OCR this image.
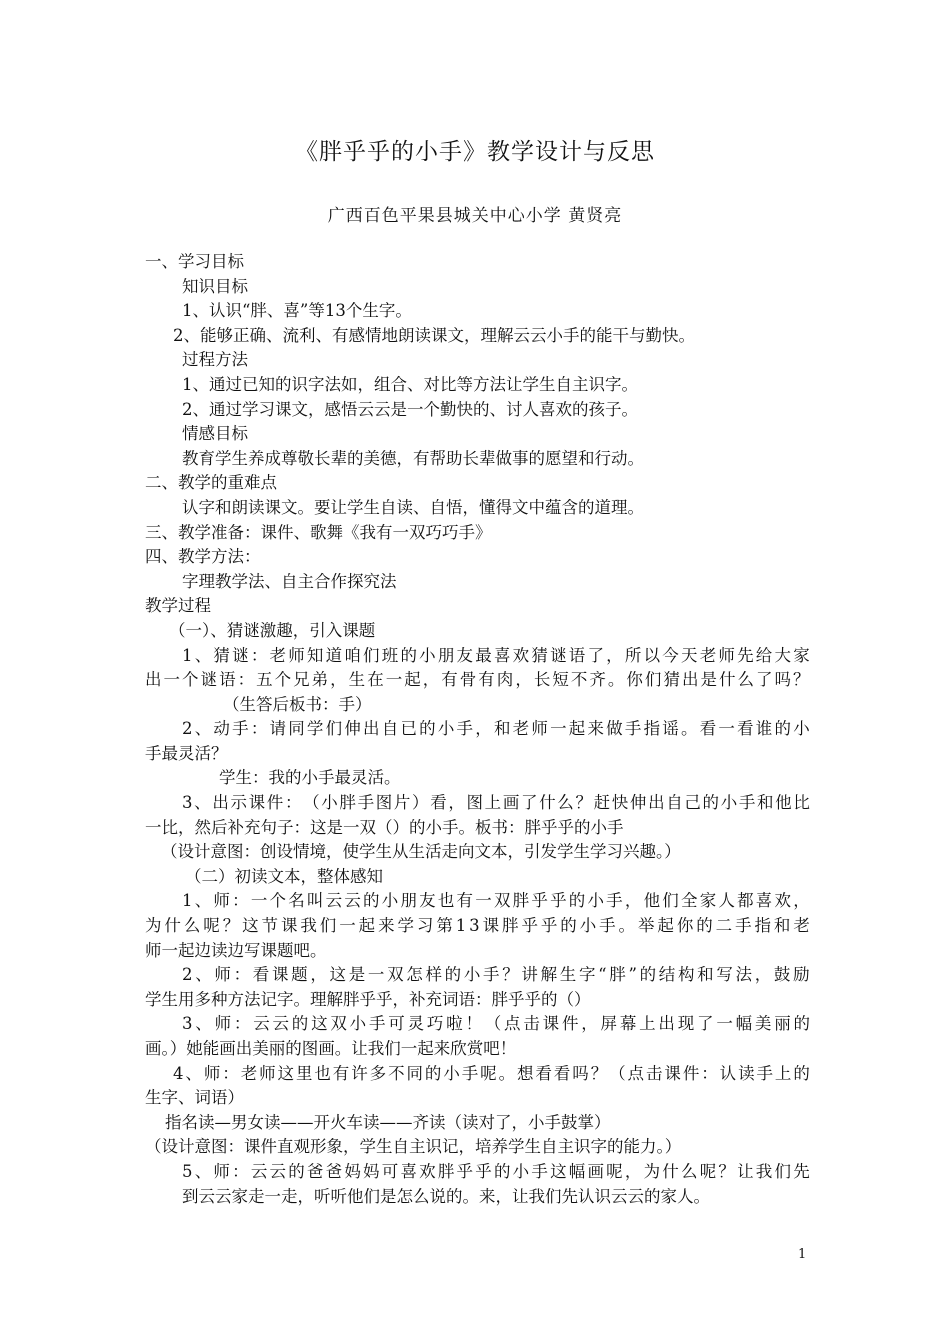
《胖乎乎的小手》教学设计与反思
广西百色平果县城关中心小学 黄贤亮
一、学习目标
知识目标
1、认识“胖、喜”等13个生字。
2、能够正确、流利、有感情地朗读课文，理解云云小手的能干与勤快。
过程方法
1、通过已知的识字法如，组合、对比等方法让学生自主识字。
2、通过学习课文，感悟云云是一个勤快的、讨人喜欢的孩子。
情感目标
教育学生养成尊敬长辈的美德，有帮助长辈做事的愿望和行动。
二、教学的重难点
认字和朗读课文。要让学生自读、自悟，懂得文中蕴含的道理。
三、教学准备：课件、歌舞《我有一双巧巧手》
四、教学方法：
字理教学法、自主合作探究法
教学过程
（一）、猜谜激趣，引入课题
1 、 猜 谜 ： 老 师 知 道 咱 们 班 的 小 朋 友 最 喜 欢 猜 谜 语 了 ， 所 以 今 天 老 师 先 给 大 家
出 一 个 谜 语 ： 五 个 兄 弟 ， 生 在 一 起 ， 有 骨 有 肉 ， 长 短 不 齐 。 你 们 猜 出 是 什 么 了 吗 ？
（生答后板书：手）
2 、 动 手 ： 请 同 学 们 伸 出 自 已 的 小 手 ， 和 老 师 一 起 来 做 手 指 谣 。 看 一 看 谁 的 小
手最灵活？
学生：我的小手最灵活。
3 、 出 示 课 件 ： （ 小 胖 手 图 片 ） 看 ， 图 上 画 了 什 么 ？ 赶 快 伸 出 自 己 的 小 手 和 他 比
一比，然后补充句子：这是一双（）的小手。板书：胖乎乎的小手
（设计意图：创设情境，使学生从生活走向文本，引发学生学习兴趣。）
（二）初读文本，整体感知
1 、 师 ： 一 个 名 叫 云 云 的 小 朋 友 也 有 一 双 胖 乎 乎 的 小 手 ， 他 们 全 家 人 都 喜 欢 ，
为 什 么 呢 ？ 这 节 课 我 们 一 起 来 学 习 第 1 3 课 胖 乎 乎 的 小 手 。 举 起 你 的 二 手 指 和 老
师一起边读边写课题吧。
2 、 师 ： 看 课 题 ， 这 是 一 双 怎 样 的 小 手 ？ 讲 解 生 字 “ 胖 ” 的 结 构 和 写 法 ， 鼓 励
学生用多种方法记字。理解胖乎乎，补充词语：胖乎乎的（）
3 、 师 ： 云 云 的 这 双 小 手 可 灵 巧 啦 ！ （ 点 击 课 件 ， 屏 幕 上 出 现 了 一 幅 美 丽 的
画。）她能画出美丽的图画。让我们一起来欣赏吧！
4 、 师 ： 老 师 这 里 也 有 许 多 不 同 的 小 手 呢 。 想 看 看 吗 ？ （ 点 击 课 件 ： 认 读 手 上 的
生字、词语）
指名读—男女读——开火车读——齐读（读对了，小手鼓掌）
（设计意图：课件直观形象，学生自主识记，培养学生自主识字的能力。）
5 、 师 ： 云 云 的 爸 爸 妈 妈 可 喜 欢 胖 乎 乎 的 小 手 这 幅 画 呢 ， 为 什 么 呢 ？ 让 我 们 先
到云云家走一走，听听他们是怎么说的。来，让我们先认识云云的家人。
1
